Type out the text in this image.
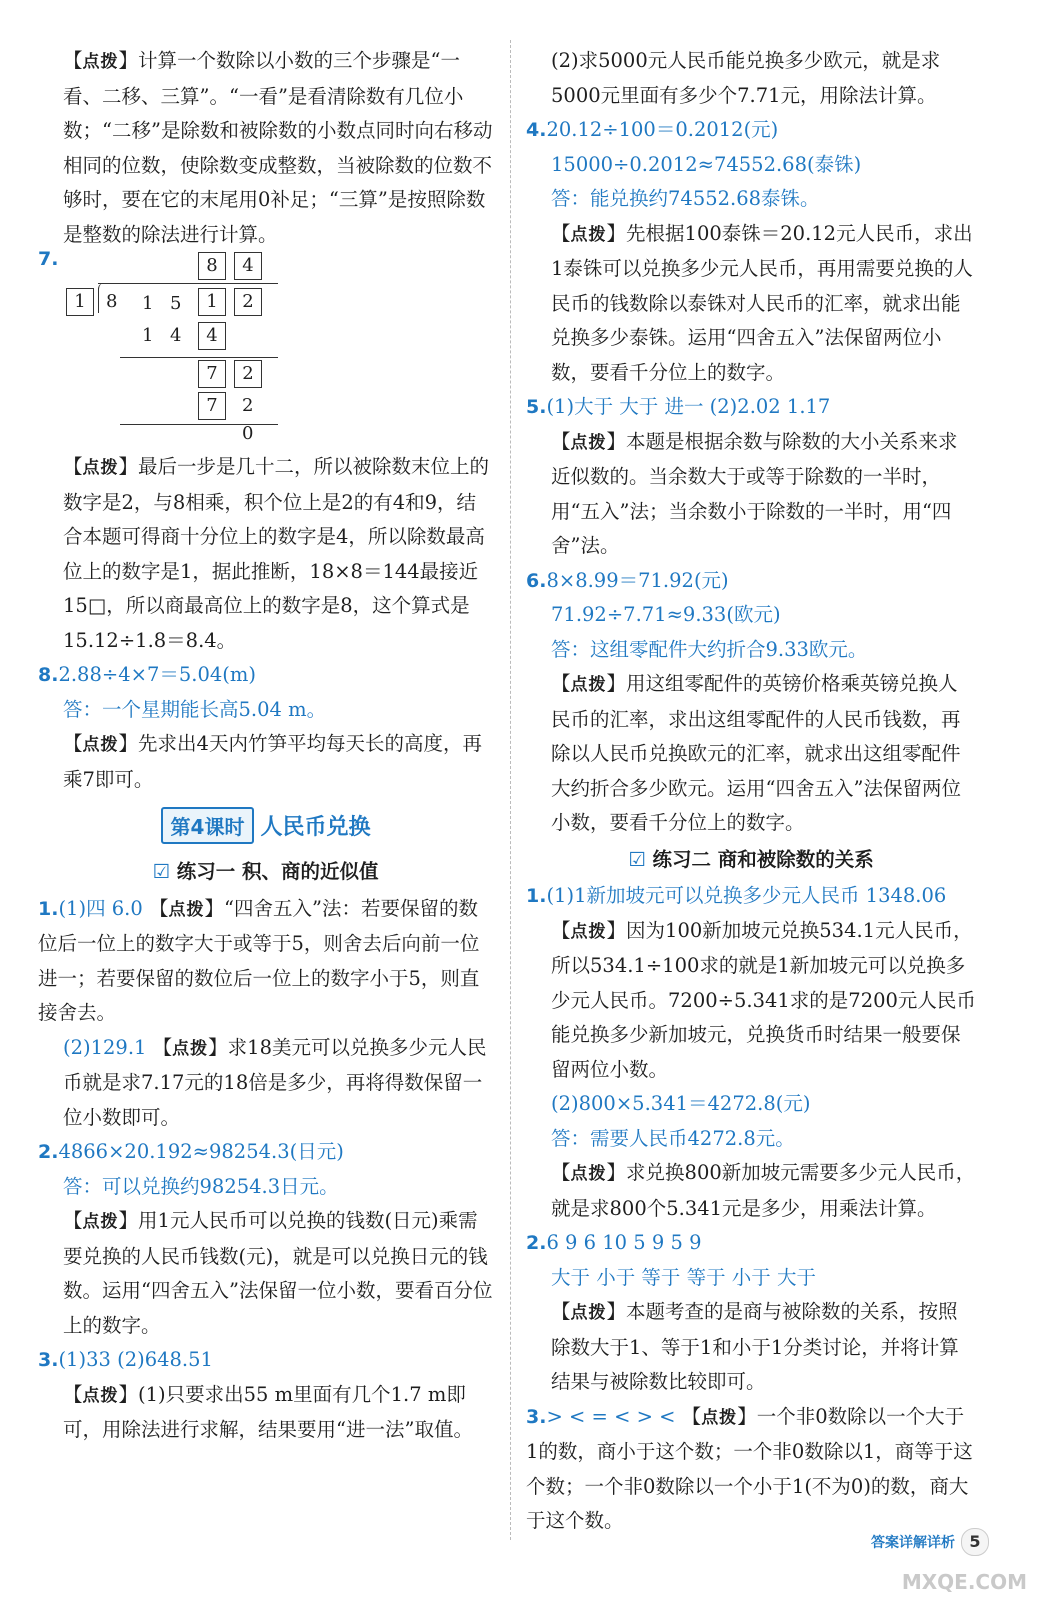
【点拨】计算一个数除以小数的三个步骤是“一看、二移、三算”。“一看”是看清除数有几位小数；“二移”是除数和被除数的小数点同时向右移动相同的位数，使除数变成整数，当被除数的位数不够时，要在它的末尾用0补足；“三算”是按照除数是整数的除法进行计算。

7.	8	4
1	8 1 5	1	2
1 4	4
7	2
7	2
0

【点拨】最后一步是几十二，所以被除数末位上的数字是2，与8相乘，积个位上是2的有4和9，结合本题可得商十分位上的数字是4，所以除数最高位上的数字是1，据此推断，18×8＝144最接近15□，所以商最高位上的数字是8，这个算式是15.12÷1.8＝8.4。

8.2.88÷4×7＝5.04(m)

答：一个星期能长高5.04 m。

【点拨】先求出4天内竹笋平均每天长的高度，再乘7即可。

第4课时 人民币兑换
☑ 练习一 积、商的近似值

1.(1)四 6.0 【点拨】“四舍五入”法：若要保留的数位后一位上的数字大于或等于5，则舍去后向前一位进一；若要保留的数位后一位上的数字小于5，则直接舍去。

(2)129.1 【点拨】求18美元可以兑换多少元人民币就是求7.17元的18倍是多少，再将得数保留一位小数即可。

2.4866×20.192≈98254.3(日元)

答：可以兑换约98254.3日元。

【点拨】用1元人民币可以兑换的钱数(日元)乘需要兑换的人民币钱数(元)，就是可以兑换日元的钱数。运用“四舍五入”法保留一位小数，要看百分位上的数字。

3.(1)33 (2)648.51

【点拨】(1)只要求出55 m里面有几个1.7 m即可，用除法进行求解，结果要用“进一法”取值。

(2)求5000元人民币能兑换多少欧元，就是求5000元里面有多少个7.71元，用除法计算。

4.20.12÷100＝0.2012(元)

15000÷0.2012≈74552.68(泰铢)

答：能兑换约74552.68泰铢。

【点拨】先根据100泰铢＝20.12元人民币，求出1泰铢可以兑换多少元人民币，再用需要兑换的人民币的钱数除以泰铢对人民币的汇率，就求出能兑换多少泰铢。运用“四舍五入”法保留两位小数，要看千分位上的数字。

5.(1)大于 大于 进一 (2)2.02 1.17

【点拨】本题是根据余数与除数的大小关系来求近似数的。当余数大于或等于除数的一半时，用“五入”法；当余数小于除数的一半时，用“四舍”法。

6.8×8.99＝71.92(元)

71.92÷7.71≈9.33(欧元)

答：这组零配件大约折合9.33欧元。

【点拨】用这组零配件的英镑价格乘英镑兑换人民币的汇率，求出这组零配件的人民币钱数，再除以人民币兑换欧元的汇率，就求出这组零配件大约折合多少欧元。运用“四舍五入”法保留两位小数，要看千分位上的数字。

☑ 练习二 商和被除数的关系

1.(1)1新加坡元可以兑换多少元人民币 1348.06

【点拨】因为100新加坡元兑换534.1元人民币，所以534.1÷100求的就是1新加坡元可以兑换多少元人民币。7200÷5.341求的是7200元人民币能兑换多少新加坡元，兑换货币时结果一般要保留两位小数。

(2)800×5.341＝4272.8(元)

答：需要人民币4272.8元。

【点拨】求兑换800新加坡元需要多少元人民币，就是求800个5.341元是多少，用乘法计算。

2.6 9 6 10 5 9 5 9

大于 小于 等于 等于 小于 大于

【点拨】本题考查的是商与被除数的关系，按照除数大于1、等于1和小于1分类讨论，并将计算结果与被除数比较即可。

3.> < = < > < 【点拨】一个非0数除以一个大于1的数，商小于这个数；一个非0数除以1，商等于这个数；一个非0数除以一个小于1(不为0)的数，商大于这个数。

答案详解详析 5
MXQE.COM
